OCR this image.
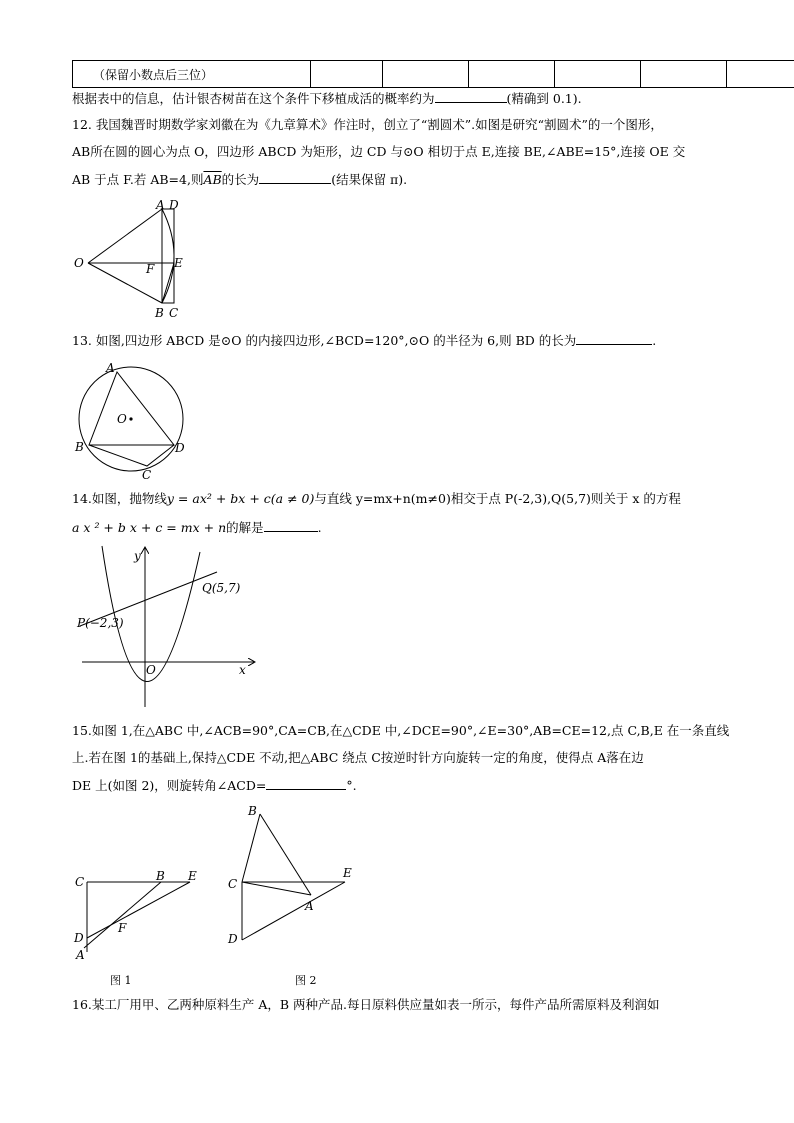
（保留小数点后三位）						
根据表中的信息，估计银杏树苗在这个条件下移植成活的概率约为	(精确到 0.1).
12. 我国魏晋时期数学家刘徽在为《九章算术》作注时，创立了“割圆术”.如图是研究“割圆术”的一个图形，
AB所在圆的圆心为点 O，四边形 ABCD 为矩形，边 CD 与⊙O 相切于点 E,连接 BE,∠ABE=15°,连接 OE 交
AB 于点 F.若 AB=4,则$\overline{AB}$的长为	(结果保留 π).
A D
O	F E
B C
13. 如图,四边形 ABCD 是⊙O 的内接四边形,∠BCD=120°,⊙O 的半径为 6,则 BD 的长为	.
A
O
B	D
C
14.如图，抛物线y = ax² + bx + c(a ≠ 0)与直线 y=mx+n(m≠0)相交于点 P(-2,3),Q(5,7)则关于 x 的方程
a x ² + b x + c = mx + n的解是	.
y
x
O
P(−2,3)
Q(5,7)
15.如图 1,在△ABC 中,∠ACB=90°,CA=CB,在△CDE 中,∠DCE=90°,∠E=30°,AB=CE=12,点 C,B,E 在一条直线
上.若在图 1的基础上,保持△CDE 不动,把△ABC 绕点 C按逆时针方向旋转一定的角度，使得点 A落在边
DE 上(如图 2)，则旋转角∠ACD=	°.
C	B E
F
D
A
B
C
E
A
D
图 1	图 2
16.某工厂用甲、乙两种原料生产 A，B 两种产品.每日原料供应量如表一所示，每件产品所需原料及利润如
